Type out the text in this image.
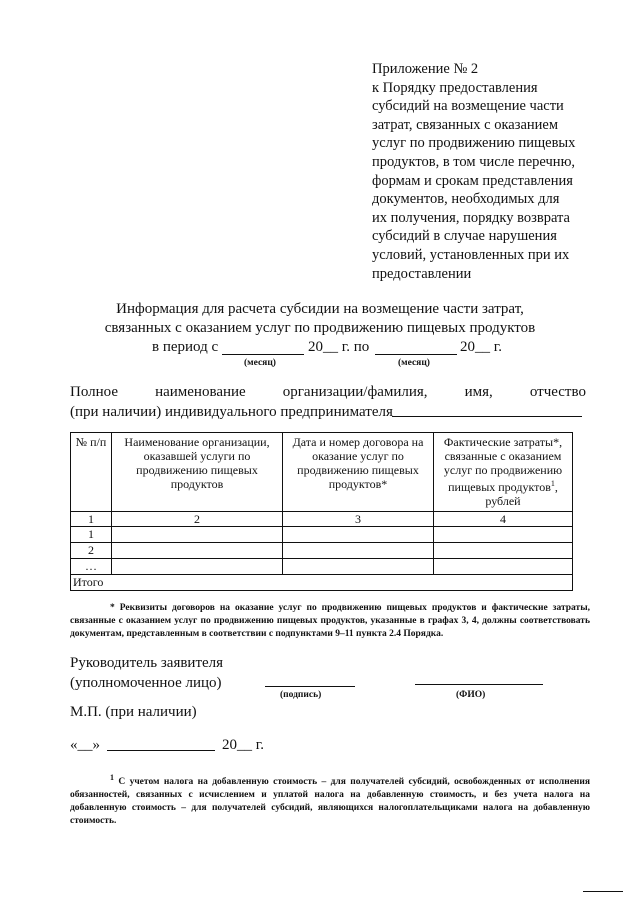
Приложение № 2
к Порядку предоставления
субсидий на возмещение части
затрат, связанных с оказанием
услуг по продвижению пищевых
продуктов, в том числе перечню,
формам и срокам представления
документов, необходимых для
их получения, порядку возврата
субсидий в случае нарушения
условий, установленных при их
предоставлении
Информация для расчета субсидии на возмещение части затрат,
связанных с оказанием услуг по продвижению пищевых продуктов
в период с	20__ г. по	20__ г.
(месяц)	(месяц)
Полное наименование организации/фамилия, имя, отчество
(при наличии) индивидуального предпринимателя
№ п/п	Наименование организации, оказавшей услуги по продвижению пищевых продуктов	Дата и номер договора на оказание услуг по продвижению пищевых продуктов*	Фактические затраты*, связанные с оказанием услуг по продвижению пищевых продуктов$^1$, рублей
1	2	3	4
1			
2			
…			
Итого			
* Реквизиты договоров на оказание услуг по продвижению пищевых продуктов и фактические затраты, связанные с оказанием услуг по продвижению пищевых продуктов, указанные в графах 3, 4, должны соответствовать документам, представленным в соответствии с подпунктами 9–11 пункта 2.4 Порядка.
Руководитель заявителя
(уполномоченное лицо)
(подпись)	(ФИО)
М.П. (при наличии)
«__»	20__ г.
$^1$ С учетом налога на добавленную стоимость – для получателей субсидий, освобожденных от исполнения обязанностей, связанных с исчислением и уплатой налога на добавленную стоимость, и без учета налога на добавленную стоимость – для получателей субсидий, являющихся налогоплательщиками налога на добавленную стоимость.
